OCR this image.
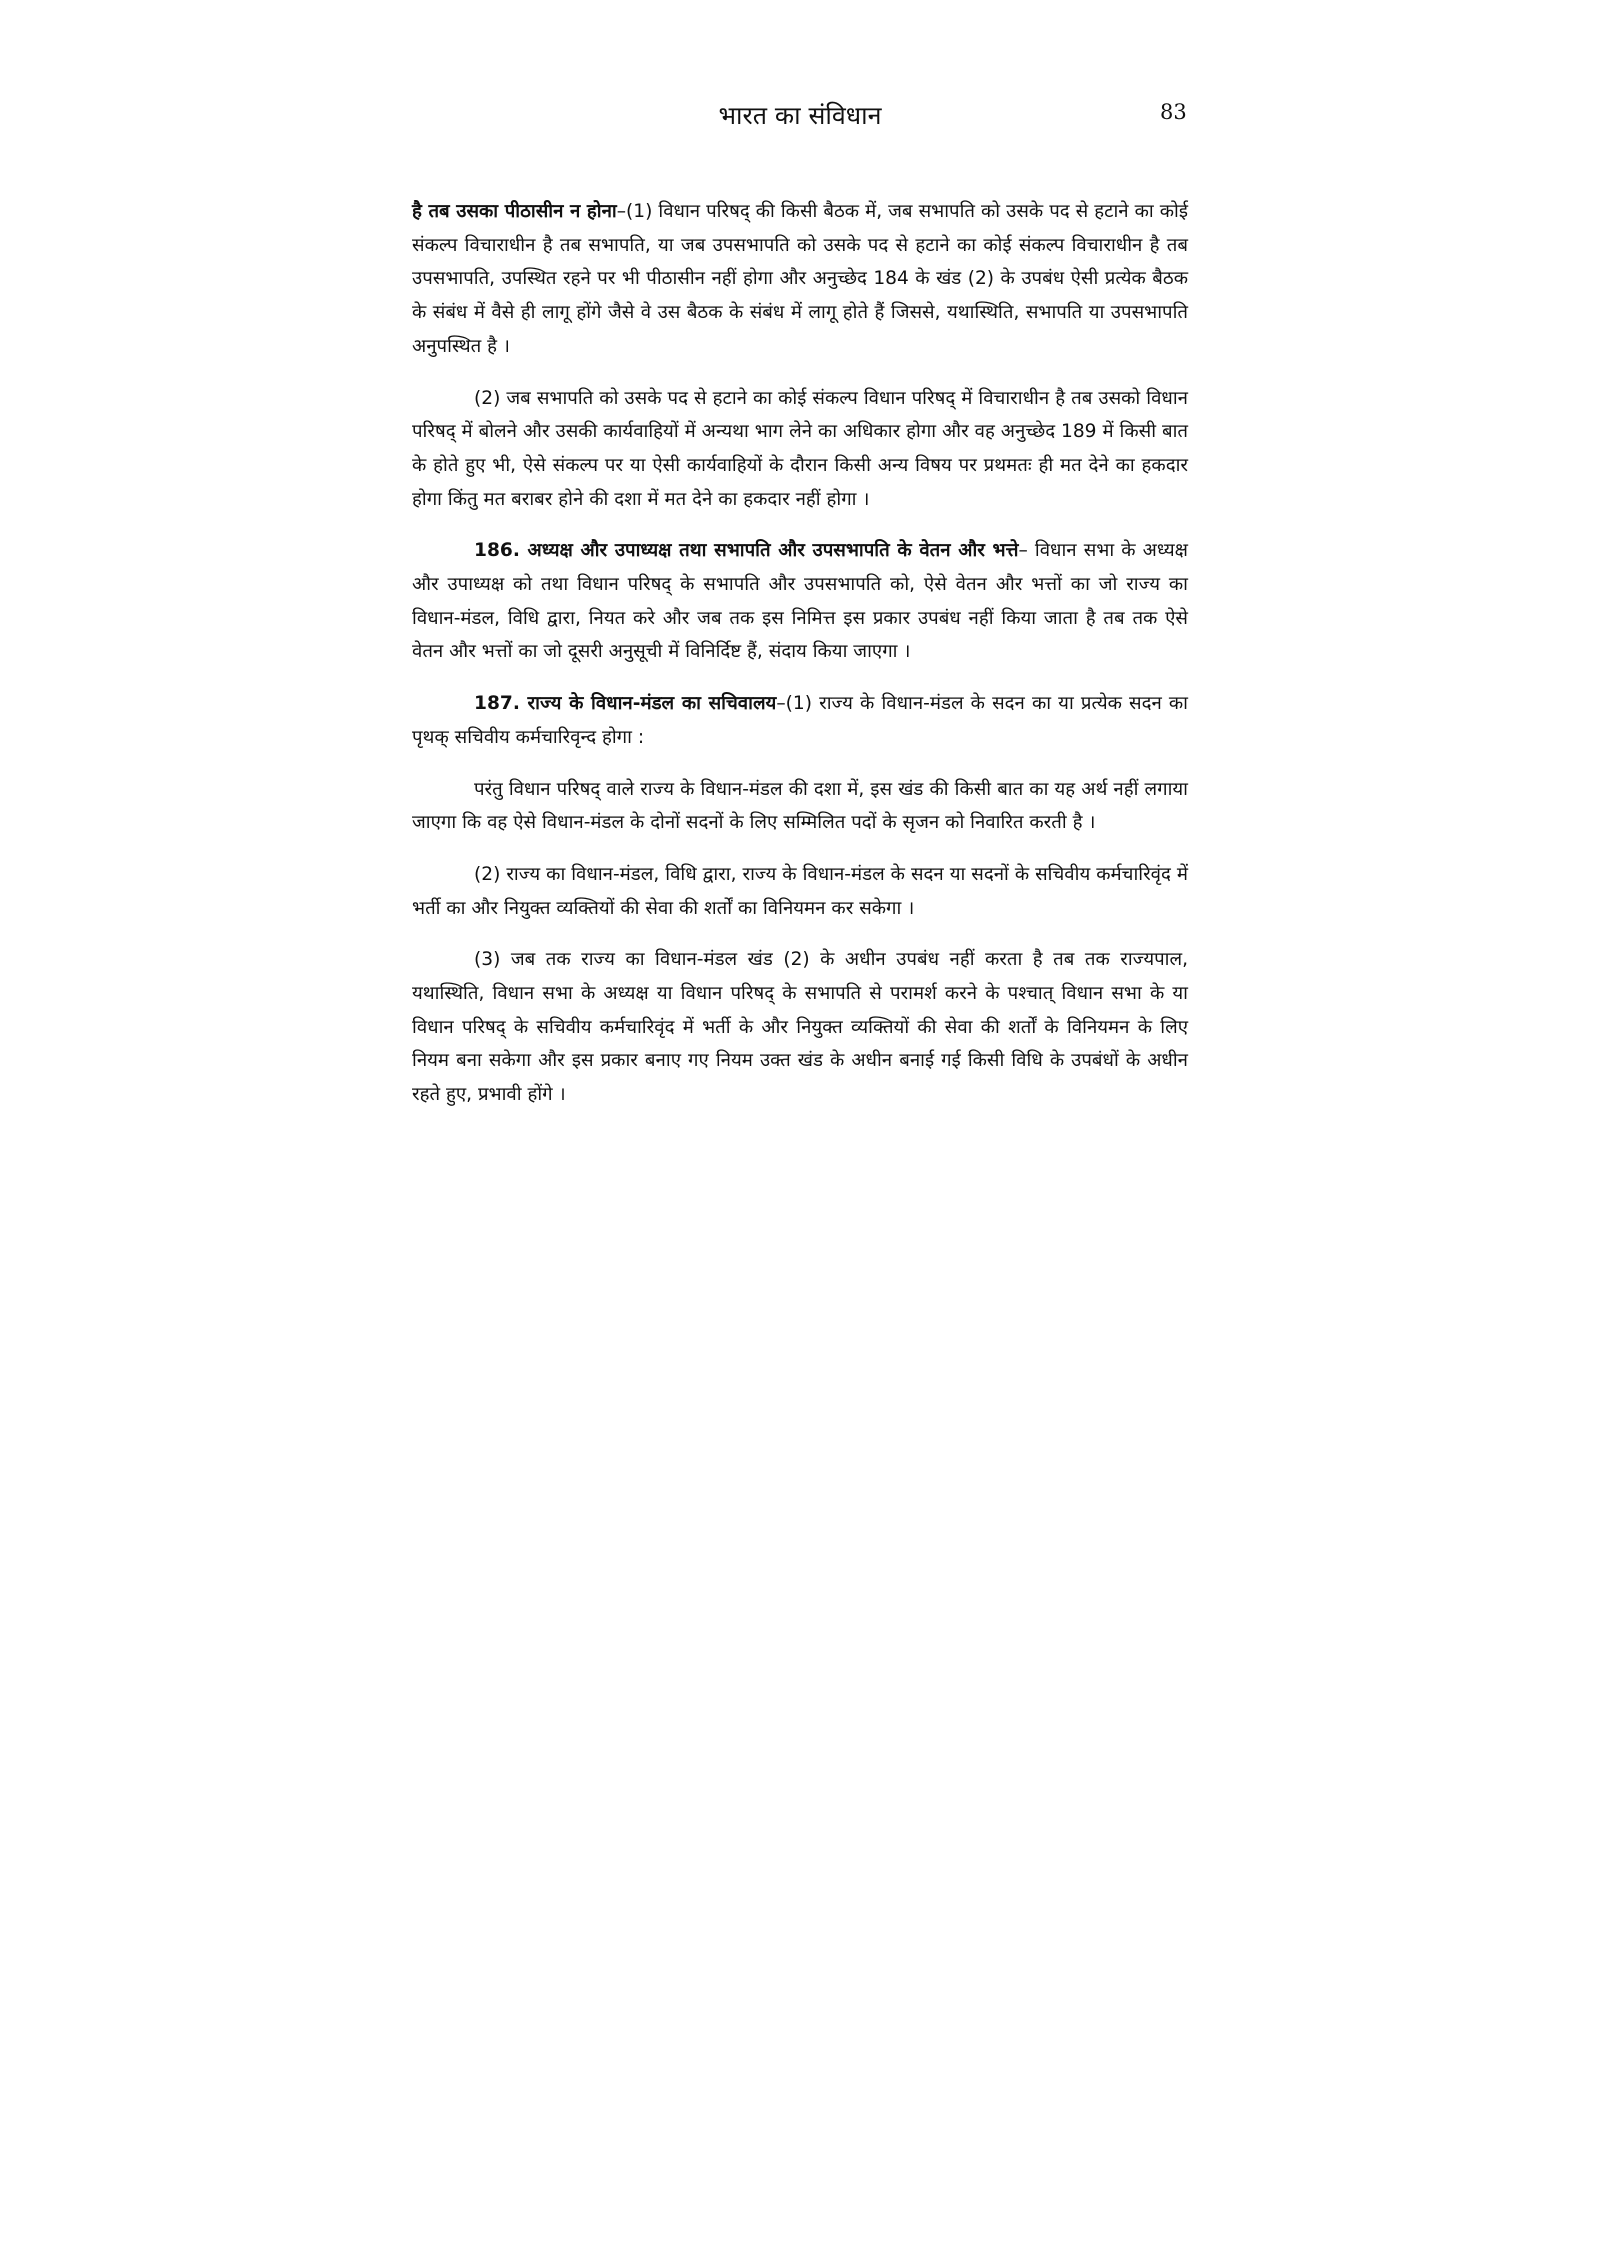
भारत का संविधान	83

है तब उसका पीठासीन न होना–(1) विधान परिषद् की किसी बैठक में, जब सभापति को उसके पद से हटाने का कोई संकल्प विचाराधीन है तब सभापति, या जब उपसभापति को उसके पद से हटाने का कोई संकल्प विचाराधीन है तब उपसभापति, उपस्थित रहने पर भी पीठासीन नहीं होगा और अनुच्छेद 184 के खंड (2) के उपबंध ऐसी प्रत्येक बैठक के संबंध में वैसे ही लागू होंगे जैसे वे उस बैठक के संबंध में लागू होते हैं जिससे, यथास्थिति, सभापति या उपसभापति अनुपस्थित है ।

(2) जब सभापति को उसके पद से हटाने का कोई संकल्प विधान परिषद् में विचाराधीन है तब उसको विधान परिषद् में बोलने और उसकी कार्यवाहियों में अन्यथा भाग लेने का अधिकार होगा और वह अनुच्छेद 189 में किसी बात के होते हुए भी, ऐसे संकल्प पर या ऐसी कार्यवाहियों के दौरान किसी अन्य विषय पर प्रथमतः ही मत देने का हकदार होगा किंतु मत बराबर होने की दशा में मत देने का हकदार नहीं होगा ।

186. अध्यक्ष और उपाध्यक्ष तथा सभापति और उपसभापति के वेतन और भत्ते– विधान सभा के अध्यक्ष और उपाध्यक्ष को तथा विधान परिषद् के सभापति और उपसभापति को, ऐसे वेतन और भत्तों का जो राज्य का विधान-मंडल, विधि द्वारा, नियत करे और जब तक इस निमित्त इस प्रकार उपबंध नहीं किया जाता है तब तक ऐसे वेतन और भत्तों का जो दूसरी अनुसूची में विनिर्दिष्ट हैं, संदाय किया जाएगा ।

187. राज्य के विधान-मंडल का सचिवालय–(1) राज्य के विधान-मंडल के सदन का या प्रत्येक सदन का पृथक् सचिवीय कर्मचारिवृन्द होगा :

परंतु विधान परिषद् वाले राज्य के विधान-मंडल की दशा में, इस खंड की किसी बात का यह अर्थ नहीं लगाया जाएगा कि वह ऐसे विधान-मंडल के दोनों सदनों के लिए सम्मिलित पदों के सृजन को निवारित करती है ।

(2) राज्य का विधान-मंडल, विधि द्वारा, राज्य के विधान-मंडल के सदन या सदनों के सचिवीय कर्मचारिवृंद में भर्ती का और नियुक्त व्यक्तियों की सेवा की शर्तों का विनियमन कर सकेगा ।

(3) जब तक राज्य का विधान-मंडल खंड (2) के अधीन उपबंध नहीं करता है तब तक राज्यपाल, यथास्थिति, विधान सभा के अध्यक्ष या विधान परिषद् के सभापति से परामर्श करने के पश्चात् विधान सभा के या विधान परिषद् के सचिवीय कर्मचारिवृंद में भर्ती के और नियुक्त व्यक्तियों की सेवा की शर्तों के विनियमन के लिए नियम बना सकेगा और इस प्रकार बनाए गए नियम उक्त खंड के अधीन बनाई गई किसी विधि के उपबंधों के अधीन रहते हुए, प्रभावी होंगे ।
